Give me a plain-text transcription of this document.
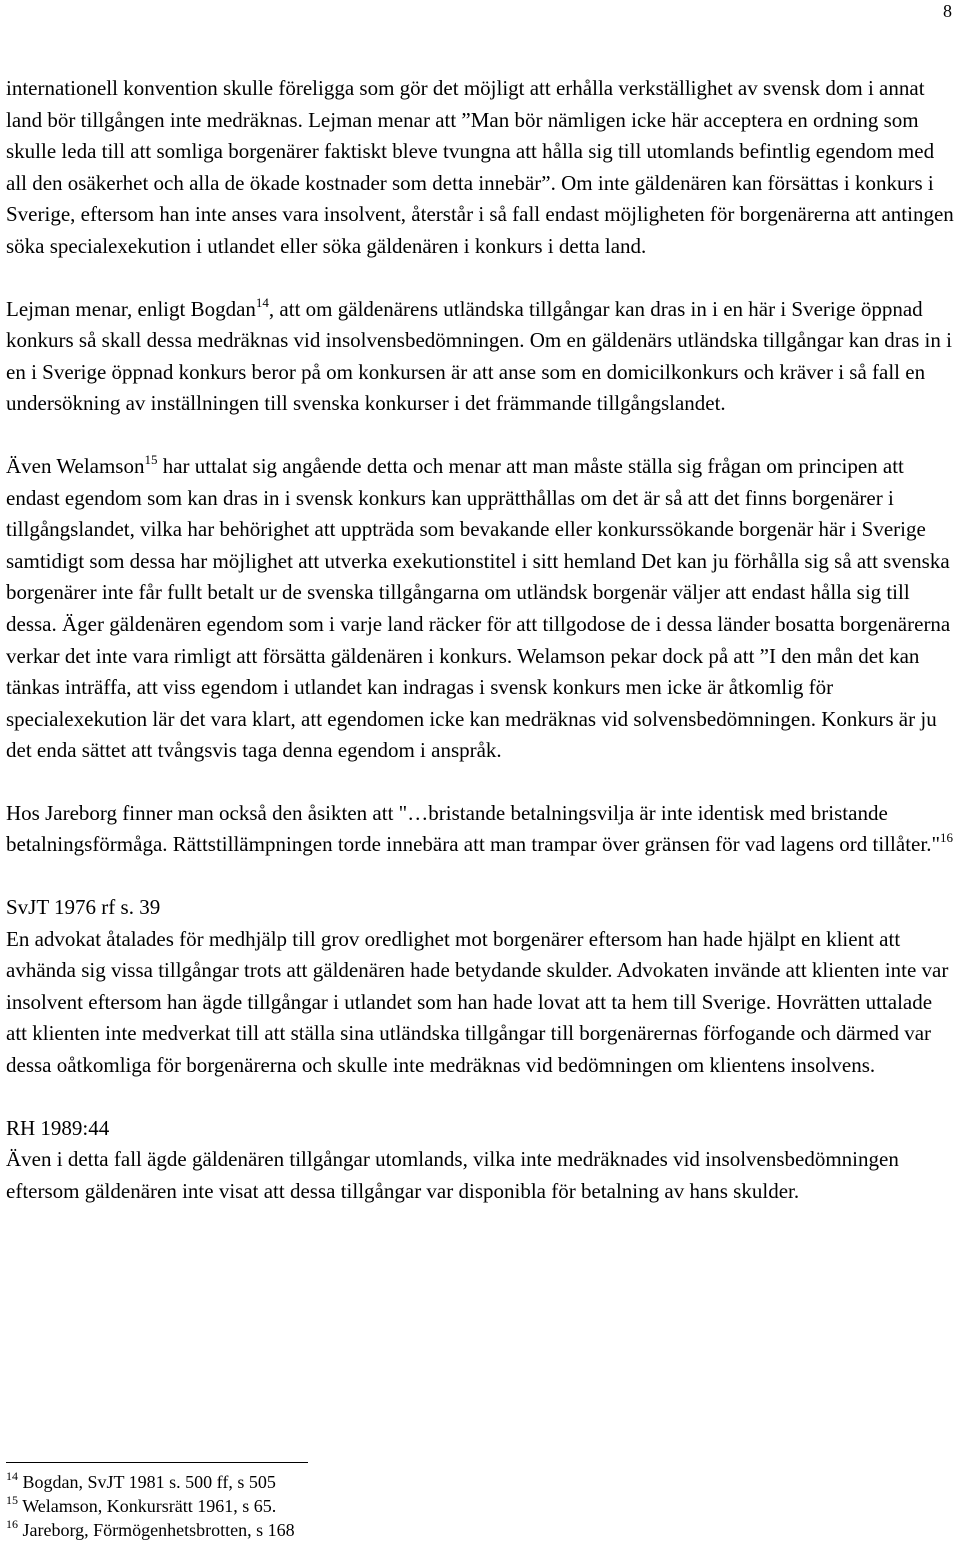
8

internationell konvention skulle föreligga som gör det möjligt att erhålla verkställighet av svensk dom i annat land bör tillgången inte medräknas. Lejman menar att ”Man bör nämligen icke här acceptera en ordning som skulle leda till att somliga borgenärer faktiskt bleve tvungna att hålla sig till utomlands befintlig egendom med all den osäkerhet och alla de ökade kostnader som detta innebär”. Om inte gäldenären kan försättas i konkurs i Sverige, eftersom han inte anses vara insolvent, återstår i så fall endast möjligheten för borgenärerna att antingen söka specialexekution i utlandet eller söka gäldenären i konkurs i detta land.

Lejman menar, enligt Bogdan$^{14}$, att om gäldenärens utländska tillgångar kan dras in i en här i Sverige öppnad konkurs så skall dessa medräknas vid insolvensbedömningen. Om en gäldenärs utländska tillgångar kan dras in i en i Sverige öppnad konkurs beror på om konkursen är att anse som en domicilkonkurs och kräver i så fall en undersökning av inställningen till svenska konkurser i det främmande tillgångslandet.

Även Welamson$^{15}$ har uttalat sig angående detta och menar att man måste ställa sig frågan om principen att endast egendom som kan dras in i svensk konkurs kan upprätthållas om det är så att det finns borgenärer i tillgångslandet, vilka har behörighet att uppträda som bevakande eller konkurssökande borgenär här i Sverige samtidigt som dessa har möjlighet att utverka exekutionstitel i sitt hemland Det kan ju förhålla sig så att svenska borgenärer inte får fullt betalt ur de svenska tillgångarna om utländsk borgenär väljer att endast hålla sig till dessa. Äger gäldenären egendom som i varje land räcker för att tillgodose de i dessa länder bosatta borgenärerna verkar det inte vara rimligt att försätta gäldenären i konkurs. Welamson pekar dock på att ”I den mån det kan tänkas inträffa, att viss egendom i utlandet kan indragas i svensk konkurs men icke är åtkomlig för specialexekution lär det vara klart, att egendomen icke kan medräknas vid solvensbedömningen. Konkurs är ju det enda sättet att tvångsvis taga denna egendom i anspråk.

Hos Jareborg finner man också den åsikten att "…bristande betalningsvilja är inte identisk med bristande betalningsförmåga. Rättstillämpningen torde innebära att man trampar över gränsen för vad lagens ord tillåter."$^{16}$

SvJT 1976 rf s. 39

En advokat åtalades för medhjälp till grov oredlighet mot borgenärer eftersom han hade hjälpt en klient att avhända sig vissa tillgångar trots att gäldenären hade betydande skulder. Advokaten invände att klienten inte var insolvent eftersom han ägde tillgångar i utlandet som han hade lovat att ta hem till Sverige. Hovrätten uttalade att klienten inte medverkat till att ställa sina utländska tillgångar till borgenärernas förfogande och därmed var dessa oåtkomliga för borgenärerna och skulle inte medräknas vid bedömningen om klientens insolvens.

RH 1989:44

Även i detta fall ägde gäldenären tillgångar utomlands, vilka inte medräknades vid insolvensbedömningen eftersom gäldenären inte visat att dessa tillgångar var disponibla för betalning av hans skulder.

$^{14}$ Bogdan, SvJT 1981 s. 500 ff, s 505
$^{15}$ Welamson, Konkursrätt 1961, s 65.
$^{16}$ Jareborg, Förmögenhetsbrotten, s 168
